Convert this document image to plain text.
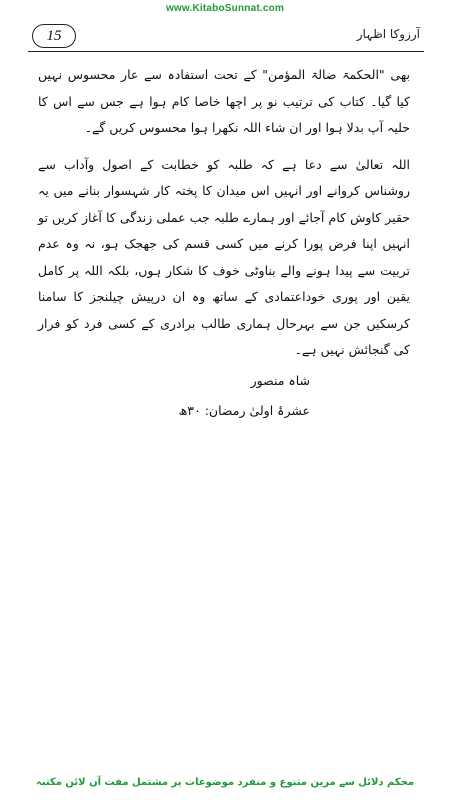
www.KitaboSunnat.com
15	آرزوکا اظہار

بھی "الحکمۃ ضالۃ المؤمن" کے تحت استفادہ سے عار محسوس نہیں کیا گیا۔ کتاب کی ترتیب نو پر اچھا خاصا کام ہوا ہے جس سے اس کا حلیہ آپ بدلا ہوا اور ان شاء اللہ نکھرا ہوا محسوس کریں گے۔

اللہ تعالیٰ سے دعا ہے کہ طلبہ کو خطابت کے اصول وآداب سے روشناس کروانے اور انہیں اس میدان کا پختہ کار شہسوار بنانے میں یہ حقیر کاوش کام آجائے اور ہمارے طلبہ جب عملی زندگی کا آغاز کریں تو انہیں اپنا فرض پورا کرنے میں کسی قسم کی جھجک ہو، نہ وہ عدم تربیت سے پیدا ہونے والے بناوٹی خوف کا شکار ہوں، بلکہ اللہ پر کامل یقین اور پوری خوداعتمادی کے ساتھ وہ ان درپیش چیلنجز کا سامنا کرسکیں جن سے بہرحال ہماری طالب برادری کے کسی فرد کو فرار کی گنجائش نہیں ہے۔

شاہ منصور
عشرۂ اولیٰ رمضان: ۳۰ھ
محکم دلائل سے مزین متنوع و منفرد موضوعات پر مشتمل مفت آن لائن مکتبہ
